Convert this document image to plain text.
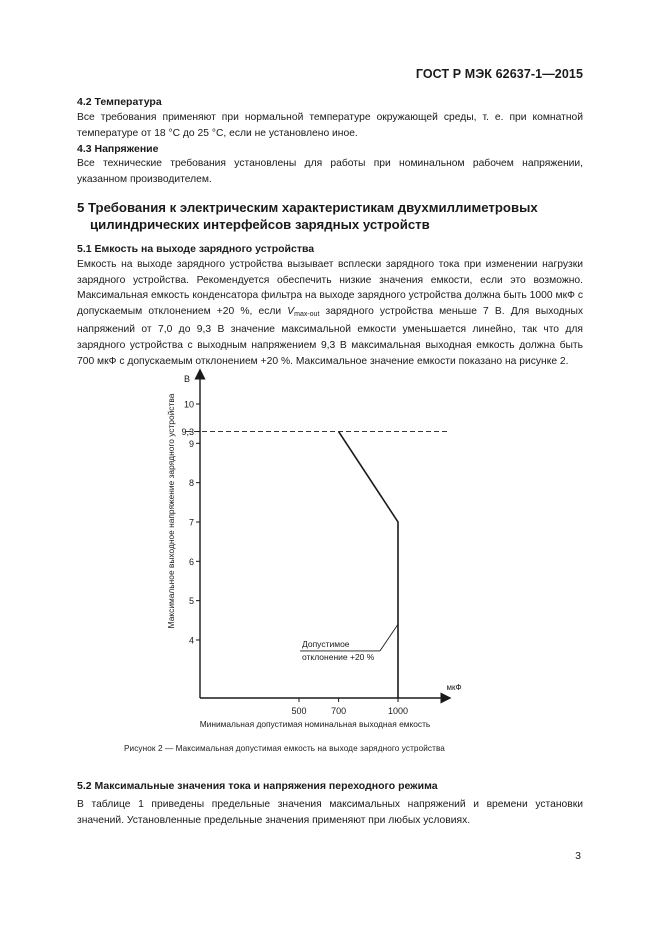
ГОСТ Р МЭК 62637-1—2015
4.2 Температура
Все требования применяют при нормальной температуре окружающей среды, т. е. при комнатной температуре от 18 °С до 25 °С, если не установлено иное.
4.3 Напряжение
Все технические требования установлены для работы при номинальном рабочем напряжении, указанном производителем.
5 Требования к электрическим характеристикам двухмиллиметровых
цилиндрических интерфейсов зарядных устройств
5.1 Емкость на выходе зарядного устройства
Емкость на выходе зарядного устройства вызывает всплески зарядного тока при изменении нагрузки зарядного устройства. Рекомендуется обеспечить низкие значения емкости, если это возможно. Максимальная емкость конденсатора фильтра на выходе зарядного устройства должна быть 1000 мкФ с допускаемым отклонением +20 %, если $V_{max-out}$ зарядного устройства меньше 7 В. Для выходных напряжений от 7,0 до 9,3 В значение максимальной емкости уменьшается линейно, так что для зарядного устройства с выходным напряжением 9,3 В максимальная выходная емкость должна быть 700 мкФ с допускаемым отклонением +20 %. Максимальное значение емкости показано на рисунке 2.
4
5
6
7
8
9
9,3
10
500	700	1000
В
мкФ
Допустимое
отклонение +20 %
Минимальная допустимая номинальная выходная емкость
Максимальное выходное напряжение зарядного устройства
Рисунок 2 — Максимальная допустимая емкость на выходе зарядного устройства
5.2 Максимальные значения тока и напряжения переходного режима
В таблице 1 приведены предельные значения максимальных напряжений и времени установки значений. Установленные предельные значения применяют при любых условиях.
3
